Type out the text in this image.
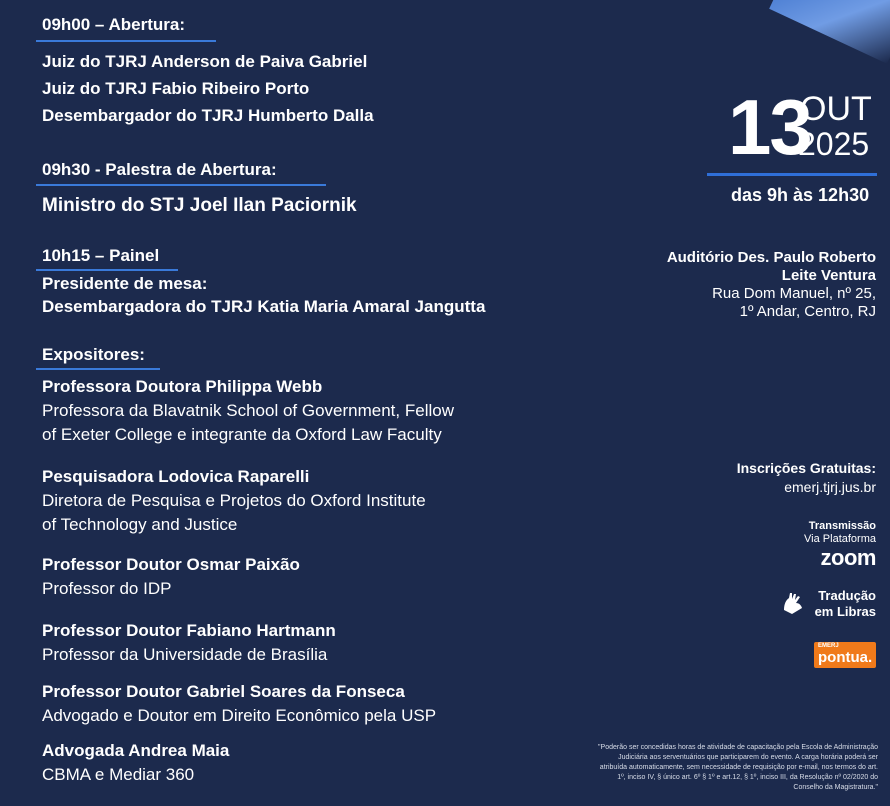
09h00 – Abertura:
Juiz do TJRJ Anderson de Paiva Gabriel
Juiz do TJRJ Fabio Ribeiro Porto
Desembargador do TJRJ Humberto Dalla
09h30 - Palestra de Abertura:
Ministro do STJ Joel Ilan Paciornik
10h15 – Painel
Presidente de mesa:
Desembargadora do TJRJ Katia Maria Amaral Jangutta
Expositores:
Professora Doutora Philippa Webb
Professora da Blavatnik School of Government, Fellow
of Exeter College e integrante da Oxford Law Faculty
Pesquisadora Lodovica Raparelli
Diretora de Pesquisa e Projetos do Oxford Institute
of Technology and Justice
Professor Doutor Osmar Paixão
Professor do IDP
Professor Doutor Fabiano Hartmann
Professor da Universidade de Brasília
Professor Doutor Gabriel Soares da Fonseca
Advogado e Doutor em Direito Econômico pela USP
Advogada Andrea Maia
CBMA e Mediar 360
13
OUT
2025
das 9h às 12h30
Auditório Des. Paulo Roberto
Leite Ventura
Rua Dom Manuel, nº 25,
1º Andar, Centro, RJ
Inscrições Gratuitas:
emerj.tjrj.jus.br
Transmissão
Via Plataforma
zoom
Tradução
em Libras
EMERJ
pontua.
"Poderão ser concedidas horas de atividade de capacitação pela Escola de Administração Judiciária aos serventuários que participarem do evento. A carga horária poderá ser atribuída automaticamente, sem necessidade de requisição por e-mail, nos termos do art. 1º, inciso IV, § único art. 6º § 1º e art.12, § 1º, inciso III, da Resolução nº 02/2020 do Conselho da Magistratura."
